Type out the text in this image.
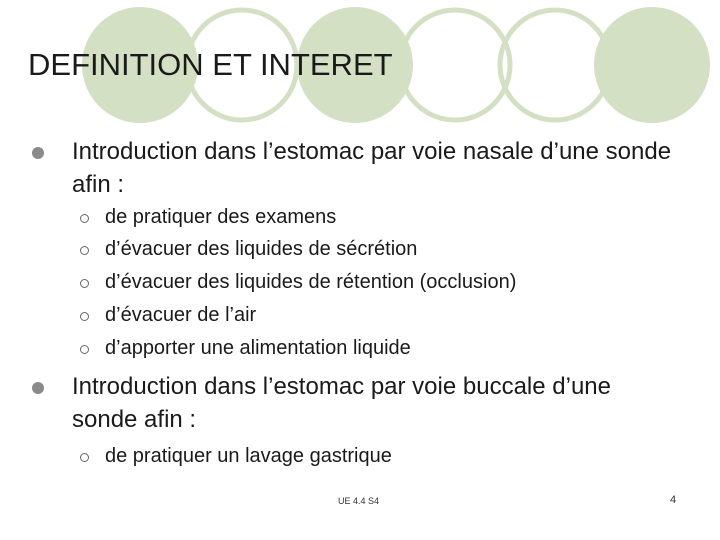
DEFINITION ET INTERET
Introduction dans l’estomac par voie nasale d’une sonde afin :
de pratiquer des examens
d’évacuer des liquides de sécrétion
d’évacuer des liquides de rétention (occlusion)
d’évacuer de l’air
d’apporter une alimentation liquide
Introduction dans l’estomac par voie buccale d’une sonde afin :
de pratiquer un lavage gastrique
UE 4.4 S4	4
